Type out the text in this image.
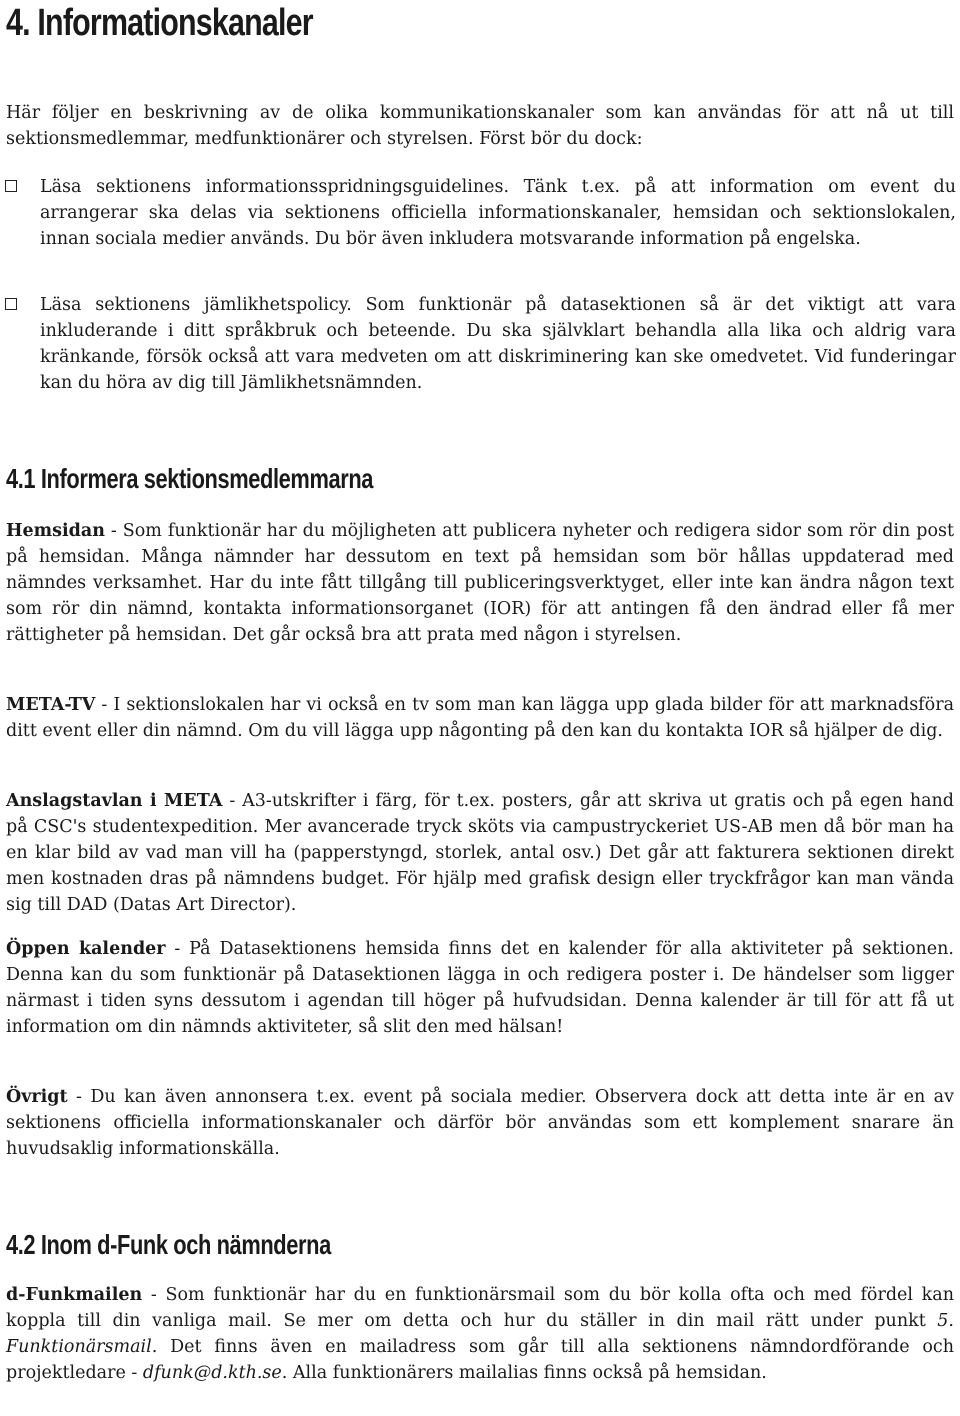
4. Informationskanaler

Här följer en beskrivning av de olika kommunikationskanaler som kan användas för att nå ut till sektionsmedlemmar, medfunktionärer och styrelsen. Först bör du dock:

Läsa sektionens informationsspridningsguidelines. Tänk t.ex. på att information om event du arrangerar ska delas via sektionens officiella informationskanaler, hemsidan och sektionslokalen, innan sociala medier används. Du bör även inkludera motsvarande information på engelska.

Läsa sektionens jämlikhetspolicy. Som funktionär på datasektionen så är det viktigt att vara inkluderande i ditt språkbruk och beteende. Du ska självklart behandla alla lika och aldrig vara kränkande, försök också att vara medveten om att diskriminering kan ske omedvetet. Vid funderingar kan du höra av dig till Jämlikhetsnämnden.

4.1 Informera sektionsmedlemmarna

Hemsidan - Som funktionär har du möjligheten att publicera nyheter och redigera sidor som rör din post på hemsidan. Många nämnder har dessutom en text på hemsidan som bör hållas uppdaterad med nämndes verksamhet. Har du inte fått tillgång till publiceringsverktyget, eller inte kan ändra någon text som rör din nämnd, kontakta informationsorganet (IOR) för att antingen få den ändrad eller få mer rättigheter på hemsidan. Det går också bra att prata med någon i styrelsen.

META-TV - I sektionslokalen har vi också en tv som man kan lägga upp glada bilder för att marknadsföra ditt event eller din nämnd. Om du vill lägga upp någonting på den kan du kontakta IOR så hjälper de dig.

Anslagstavlan i META - A3-utskrifter i färg, för t.ex. posters, går att skriva ut gratis och på egen hand på CSC's studentexpedition. Mer avancerade tryck sköts via campustryckeriet US-AB men då bör man ha en klar bild av vad man vill ha (papperstyngd, storlek, antal osv.) Det går att fakturera sektionen direkt men kostnaden dras på nämndens budget. För hjälp med grafisk design eller tryckfrågor kan man vända sig till DAD (Datas Art Director).

Öppen kalender - På Datasektionens hemsida finns det en kalender för alla aktiviteter på sektionen. Denna kan du som funktionär på Datasektionen lägga in och redigera poster i. De händelser som ligger närmast i tiden syns dessutom i agendan till höger på hufvudsidan. Denna kalender är till för att få ut information om din nämnds aktiviteter, så slit den med hälsan!

Övrigt - Du kan även annonsera t.ex. event på sociala medier. Observera dock att detta inte är en av sektionens officiella informationskanaler och därför bör användas som ett komplement snarare än huvudsaklig informationskälla.

4.2 Inom d-Funk och nämnderna

d-Funkmailen - Som funktionär har du en funktionärsmail som du bör kolla ofta och med fördel kan koppla till din vanliga mail. Se mer om detta och hur du ställer in din mail rätt under punkt 5. Funktionärsmail. Det finns även en mailadress som går till alla sektionens nämndordförande och projektledare - dfunk@d.kth.se. Alla funktionärers mailalias finns också på hemsidan.
